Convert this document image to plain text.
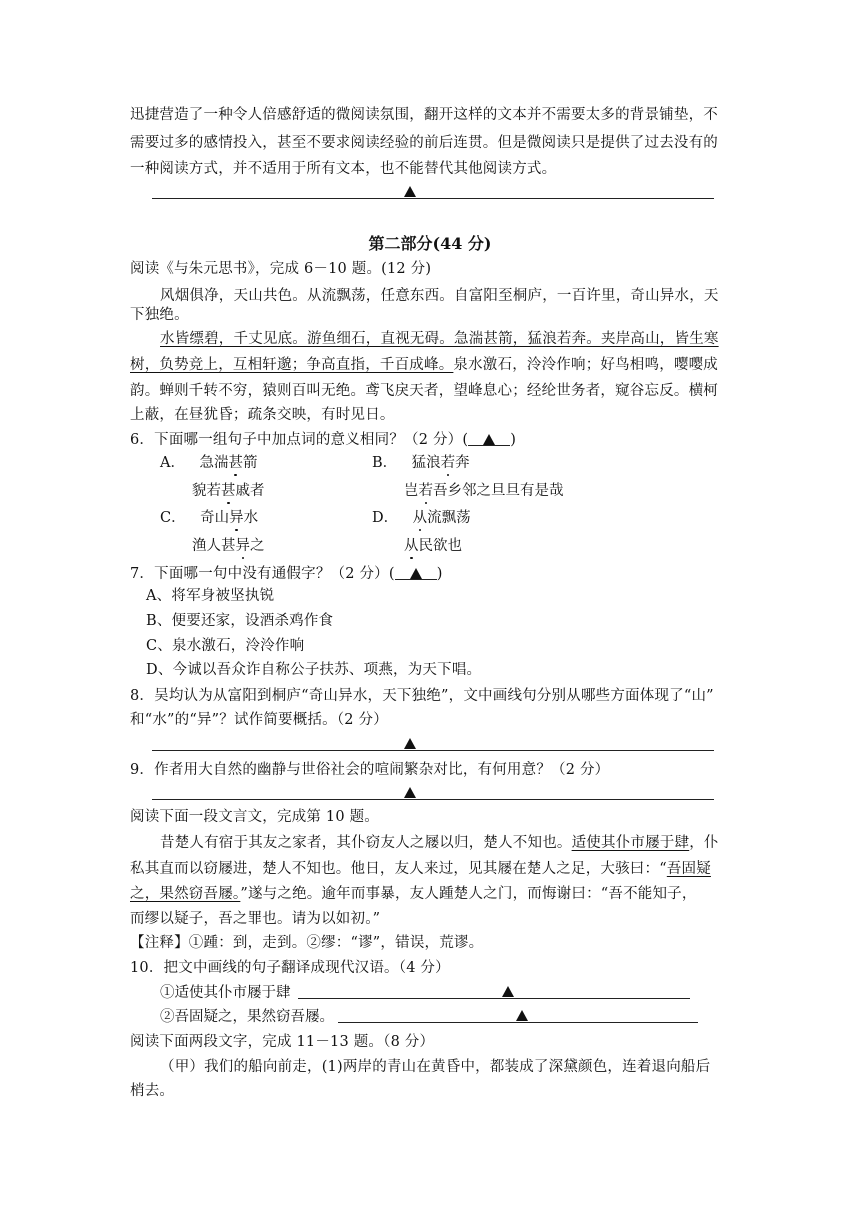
迅捷营造了一种令人倍感舒适的微阅读氛围，翻开这样的文本并不需要太多的背景铺垫，不
需要过多的感情投入，甚至不要求阅读经验的前后连贯。但是微阅读只是提供了过去没有的
一种阅读方式，并不适用于所有文本，也不能替代其他阅读方式。
第二部分(44 分)
阅读《与朱元思书》，完成 6－10 题。(12 分)
风烟俱净，天山共色。从流飘荡，任意东西。自富阳至桐庐，一百许里，奇山异水，天
下独绝。
水皆缥碧，千丈见底。游鱼细石，直视无碍。急湍甚箭，猛浪若奔。夹岸高山，皆生寒
树，负势竞上，互相轩邈；争高直指，千百成峰。泉水激石，泠泠作响；好鸟相鸣，嘤嘤成
韵。蝉则千转不穷，猿则百叫无绝。鸢飞戾天者，望峰息心；经纶世务者，窥谷忘反。横柯
上蔽，在昼犹昏；疏条交映，有时见日。
6．下面哪一组句子中加点词的意义相同？（2 分）(	)
A．  急湍甚箭
貌若甚戚者
B．  猛浪若奔
岂若吾乡邻之旦旦有是哉
C．  奇山异水
渔人甚异之
D．  从流飘荡
从民欲也
7．下面哪一句中没有通假字？（2 分）(	)
A、将军身被坚执锐
B、便要还家，设酒杀鸡作食
C、泉水激石，泠泠作响
D、今诚以吾众诈自称公子扶苏、项燕，为天下唱。
8．吴均认为从富阳到桐庐“奇山异水，天下独绝”，文中画线句分别从哪些方面体现了“山”
和“水”的“异”？试作简要概括。（2 分）
9．作者用大自然的幽静与世俗社会的喧闹繁杂对比，有何用意？（2 分）
阅读下面一段文言文，完成第 10 题。
昔楚人有宿于其友之家者，其仆窃友人之屦以归，楚人不知也。适使其仆市屦于肆，仆
私其直而以窃屦进，楚人不知也。他日，友人来过，见其屦在楚人之足，大骇曰：“吾固疑
之，果然窃吾屦。”遂与之绝。逾年而事暴，友人踵楚人之门，而悔谢曰：“吾不能知子，
而缪以疑子，吾之罪也。请为以如初。”
【注释】①踵：到，走到。②缪：“谬”，错误，荒谬。
10．把文中画线的句子翻译成现代汉语。（4 分）
①适使其仆市屦于肆
②吾固疑之，果然窃吾屦。
阅读下面两段文字，完成 11－13 题。（8 分）
（甲）我们的船向前走，(1)两岸的青山在黄昏中，都装成了深黛颜色，连着退向船后
梢去。
